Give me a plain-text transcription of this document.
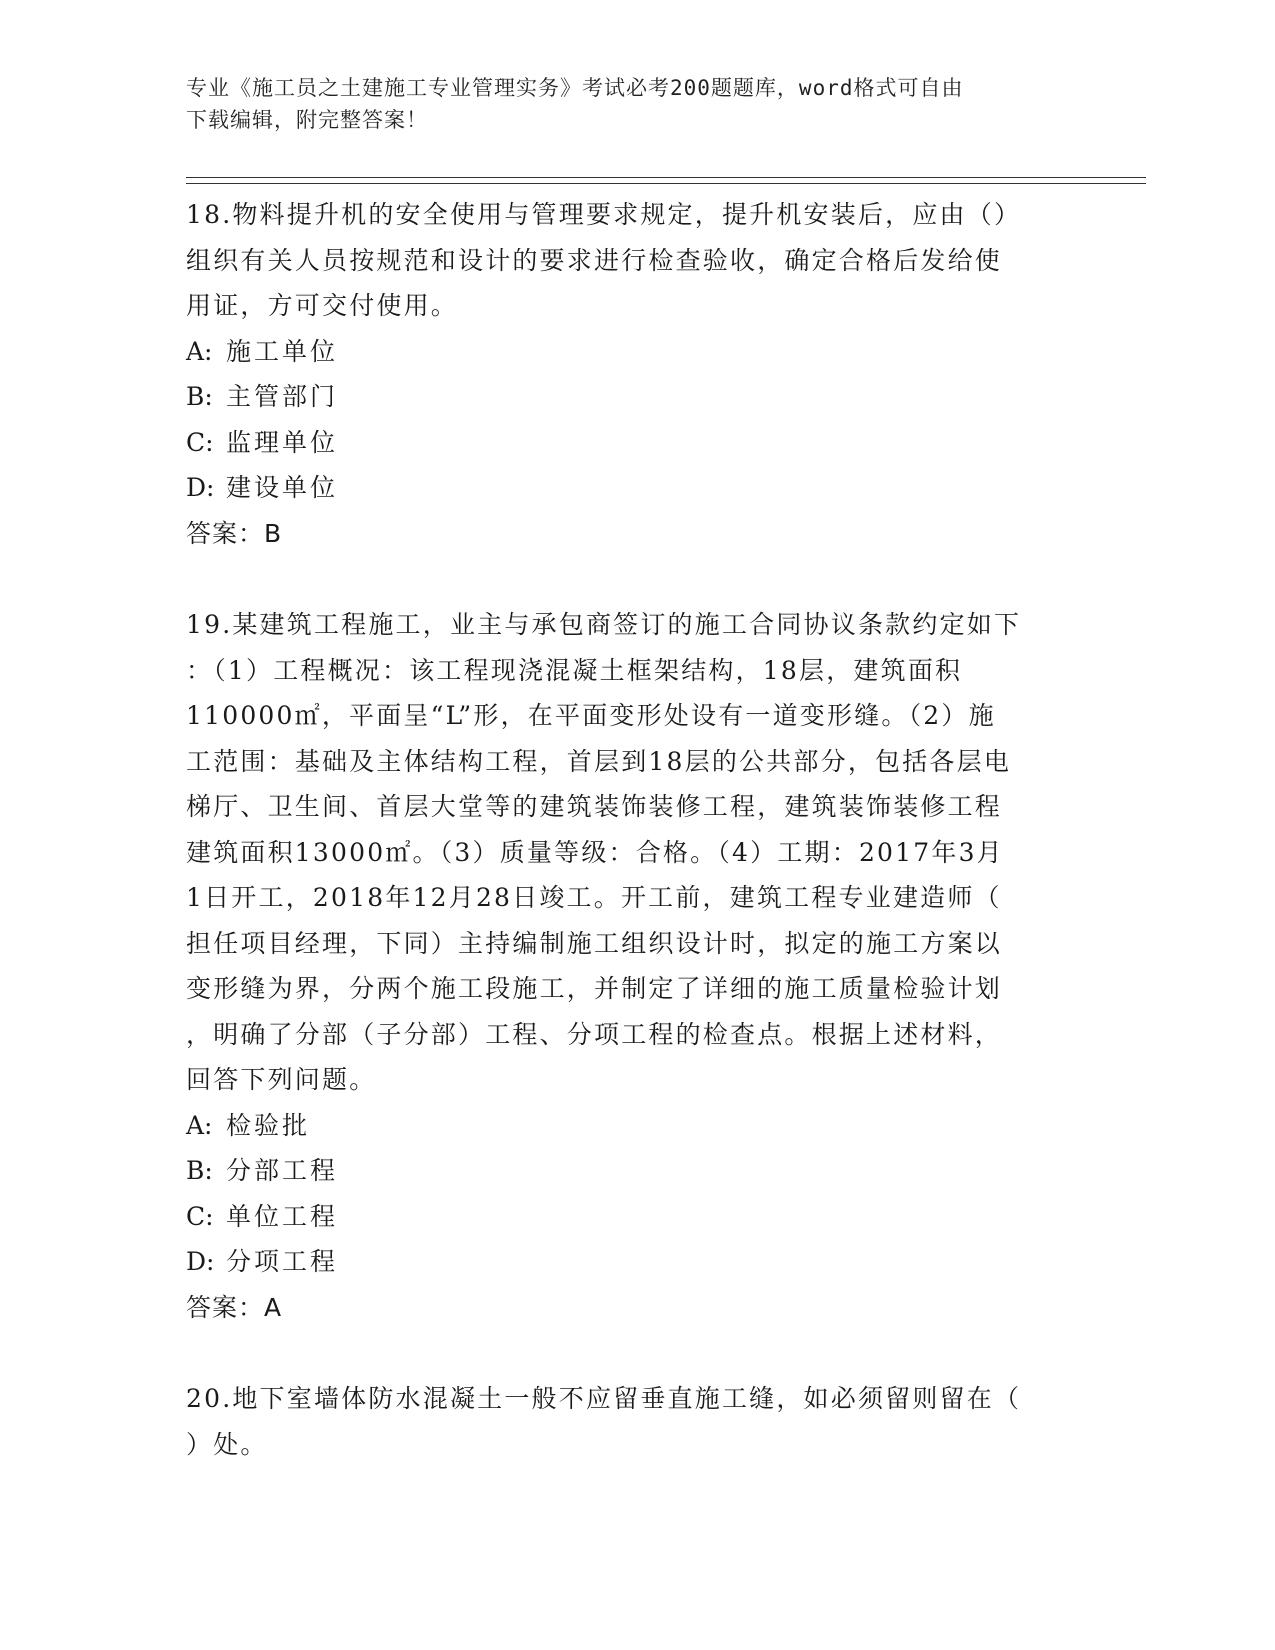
专业《施工员之土建施工专业管理实务》考试必考200题题库，word格式可自由
下载编辑，附完整答案！
18.物料提升机的安全使用与管理要求规定，提升机安装后，应由（）
组织有关人员按规范和设计的要求进行检查验收，确定合格后发给使
用证，方可交付使用。
A: 施工单位
B: 主管部门
C: 监理单位
D: 建设单位
答案：B
19.某建筑工程施工，业主与承包商签订的施工合同协议条款约定如下
：（1）工程概况：该工程现浇混凝土框架结构，18层，建筑面积
110000㎡，平面呈“L”形，在平面变形处设有一道变形缝。（2）施
工范围：基础及主体结构工程，首层到18层的公共部分，包括各层电
梯厅、卫生间、首层大堂等的建筑装饰装修工程，建筑装饰装修工程
建筑面积13000㎡。（3）质量等级：合格。（4）工期：2017年3月
1日开工，2018年12月28日竣工。开工前，建筑工程专业建造师（
担任项目经理，下同）主持编制施工组织设计时，拟定的施工方案以
变形缝为界，分两个施工段施工，并制定了详细的施工质量检验计划
，明确了分部（子分部）工程、分项工程的检查点。根据上述材料，
回答下列问题。
A: 检验批
B: 分部工程
C: 单位工程
D: 分项工程
答案：A
20.地下室墙体防水混凝土一般不应留垂直施工缝，如必须留则留在（
）处。
